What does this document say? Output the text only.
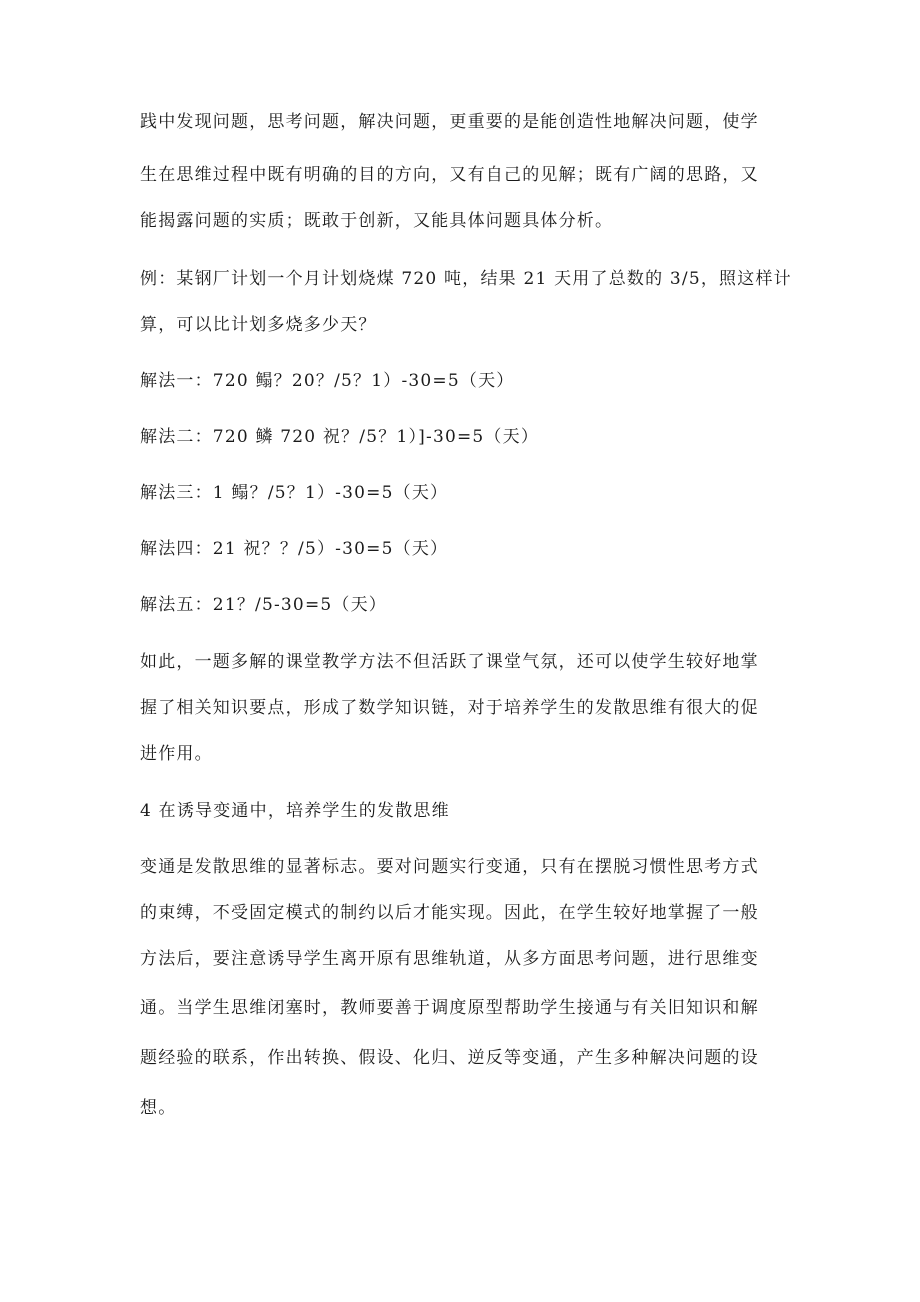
践中发现问题，思考问题，解决问题，更重要的是能创造性地解决问题，使学
生在思维过程中既有明确的目的方向，又有自己的见解；既有广阔的思路，又
能揭露问题的实质；既敢于创新，又能具体问题具体分析。
例：某钢厂计划一个月计划烧煤 720 吨，结果 21 天用了总数的 3/5，照这样计
算，可以比计划多烧多少天？
解法一：720 鳎？20？/5？1）-30=5（天）
解法二：720 鳞 720 祝？/5？1）]-30=5（天）
解法三：1 鳎？/5？1）-30=5（天）
解法四：21 祝？？/5）-30=5（天）
解法五：21？/5-30=5（天）
如此，一题多解的课堂教学方法不但活跃了课堂气氛，还可以使学生较好地掌
握了相关知识要点，形成了数学知识链，对于培养学生的发散思维有很大的促
进作用。
4 在诱导变通中，培养学生的发散思维
变通是发散思维的显著标志。要对问题实行变通，只有在摆脱习惯性思考方式
的束缚，不受固定模式的制约以后才能实现。因此，在学生较好地掌握了一般
方法后，要注意诱导学生离开原有思维轨道，从多方面思考问题，进行思维变
通。当学生思维闭塞时，教师要善于调度原型帮助学生接通与有关旧知识和解
题经验的联系，作出转换、假设、化归、逆反等变通，产生多种解决问题的设
想。
